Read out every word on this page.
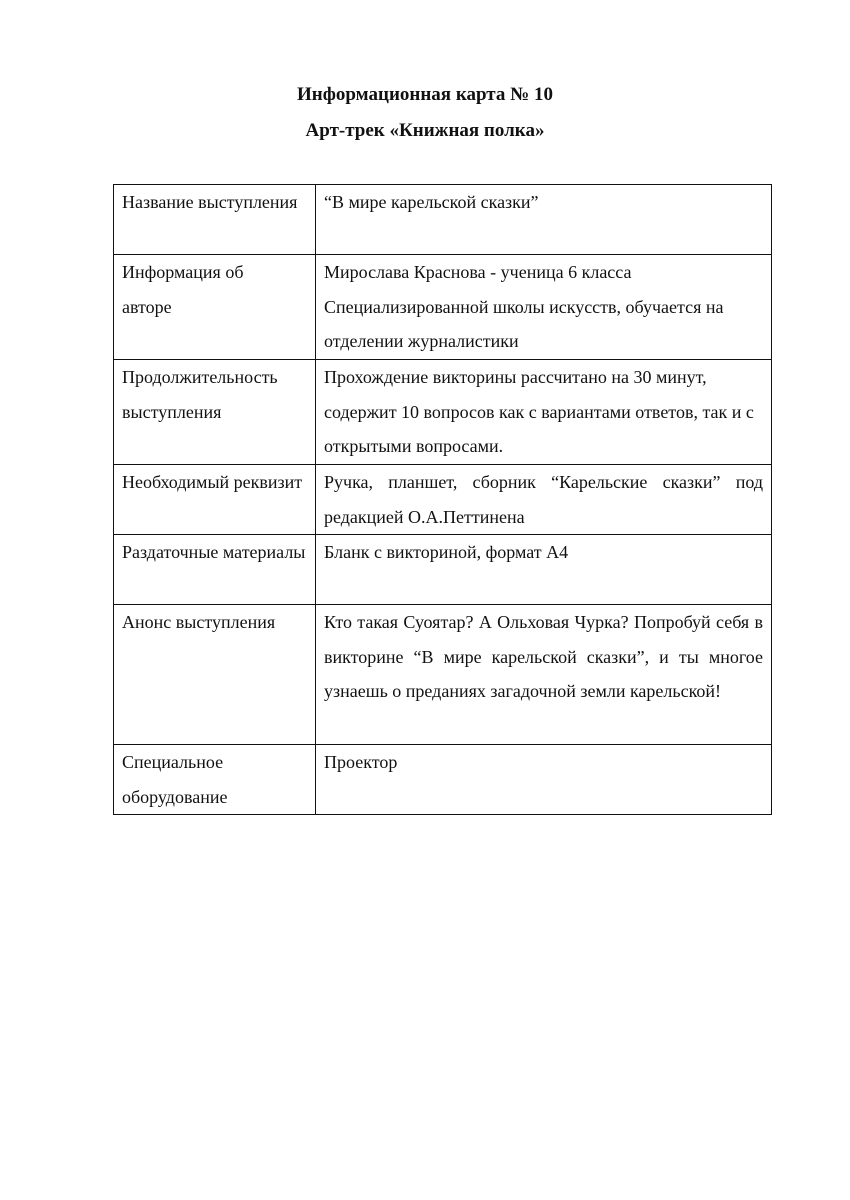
Информационная карта № 10
Арт-трек «Книжная полка»
Название выступления	“В мире карельской сказки”

Информация об авторе	Мирослава Краснова - ученица 6 класса Специализированной школы искусств, обучается на отделении журналистики

Продолжительность выступления	Прохождение викторины рассчитано на 30 минут, содержит 10 вопросов как с вариантами ответов, так и с открытыми вопросами.

Необходимый реквизит	Ручка, планшет, сборник “Карельские сказки” под редакцией О.А.Петтинена

Раздаточные материалы	Бланк с викториной, формат А4

Анонс выступления	Кто такая Суоятар? А Ольховая Чурка? Попробуй себя в викторине “В мире карельской сказки”, и ты многое узнаешь о преданиях загадочной земли карельской!

Специальное оборудование	Проектор
